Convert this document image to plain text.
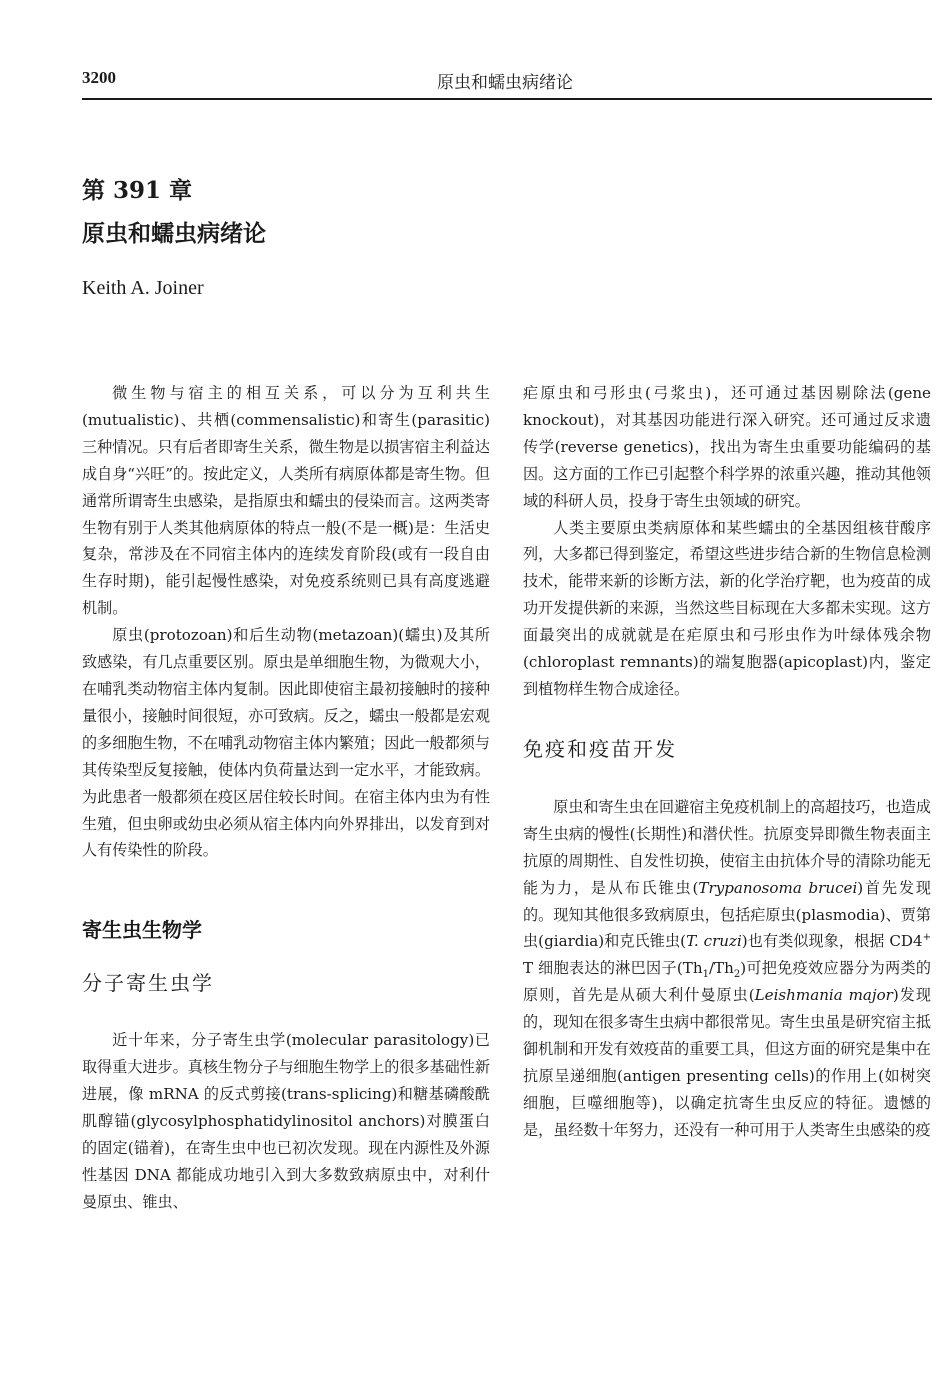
3200	原虫和蠕虫病绪论
第 391 章
原虫和蠕虫病绪论
Keith A. Joiner

微生物与宿主的相互关系，可以分为互利共生(mutualistic)、共栖(commensalistic)和寄生(parasitic)三种情况。只有后者即寄生关系，微生物是以损害宿主利益达成自身“兴旺”的。按此定义，人类所有病原体都是寄生物。但通常所谓寄生虫感染，是指原虫和蠕虫的侵染而言。这两类寄生物有别于人类其他病原体的特点一般(不是一概)是：生活史复杂，常涉及在不同宿主体内的连续发育阶段(或有一段自由生存时期)，能引起慢性感染，对免疫系统则已具有高度逃避机制。

原虫(protozoan)和后生动物(metazoan)(蠕虫)及其所致感染，有几点重要区别。原虫是单细胞生物，为微观大小，在哺乳类动物宿主体内复制。因此即使宿主最初接触时的接种量很小，接触时间很短，亦可致病。反之，蠕虫一般都是宏观的多细胞生物，不在哺乳动物宿主体内繁殖；因此一般都须与其传染型反复接触，使体内负荷量达到一定水平，才能致病。为此患者一般都须在疫区居住较长时间。在宿主体内虫为有性生殖，但虫卵或幼虫必须从宿主体内向外界排出，以发育到对人有传染性的阶段。

寄生虫生物学
分子寄生虫学

近十年来，分子寄生虫学(molecular parasitology)已取得重大进步。真核生物分子与细胞生物学上的很多基础性新进展，像 mRNA 的反式剪接(trans-splicing)和糖基磷酸酰肌醇锚(glycosylphosphatidylinositol anchors)对膜蛋白的固定(锚着)，在寄生虫中也已初次发现。现在内源性及外源性基因 DNA 都能成功地引入到大多数致病原虫中，对利什曼原虫、锥虫、

疟原虫和弓形虫(弓浆虫)，还可通过基因剔除法(gene knockout)，对其基因功能进行深入研究。还可通过反求遗传学(reverse genetics)，找出为寄生虫重要功能编码的基因。这方面的工作已引起整个科学界的浓重兴趣，推动其他领域的科研人员，投身于寄生虫领域的研究。

人类主要原虫类病原体和某些蠕虫的全基因组核苷酸序列，大多都已得到鉴定，希望这些进步结合新的生物信息检测技术，能带来新的诊断方法，新的化学治疗靶，也为疫苗的成功开发提供新的来源，当然这些目标现在大多都未实现。这方面最突出的成就就是在疟原虫和弓形虫作为叶绿体残余物(chloroplast remnants)的端复胞器(apicoplast)内，鉴定到植物样生物合成途径。

免疫和疫苗开发

原虫和寄生虫在回避宿主免疫机制上的高超技巧，也造成寄生虫病的慢性(长期性)和潜伏性。抗原变异即微生物表面主抗原的周期性、自发性切换，使宿主由抗体介导的清除功能无能为力，是从布氏锥虫(Trypanosoma brucei)首先发现的。现知其他很多致病原虫，包括疟原虫(plasmodia)、贾第虫(giardia)和克氏锥虫(T. cruzi)也有类似现象，根据 CD4+ T 细胞表达的淋巴因子$(Th_1/Th_2)$可把免疫效应器分为两类的原则，首先是从硕大利什曼原虫(Leishmania major)发现的，现知在很多寄生虫病中都很常见。寄生虫虽是研究宿主抵御机制和开发有效疫苗的重要工具，但这方面的研究是集中在抗原呈递细胞(antigen presenting cells)的作用上(如树突细胞，巨噬细胞等)，以确定抗寄生虫反应的特征。遗憾的是，虽经数十年努力，还没有一种可用于人类寄生虫感染的疫
